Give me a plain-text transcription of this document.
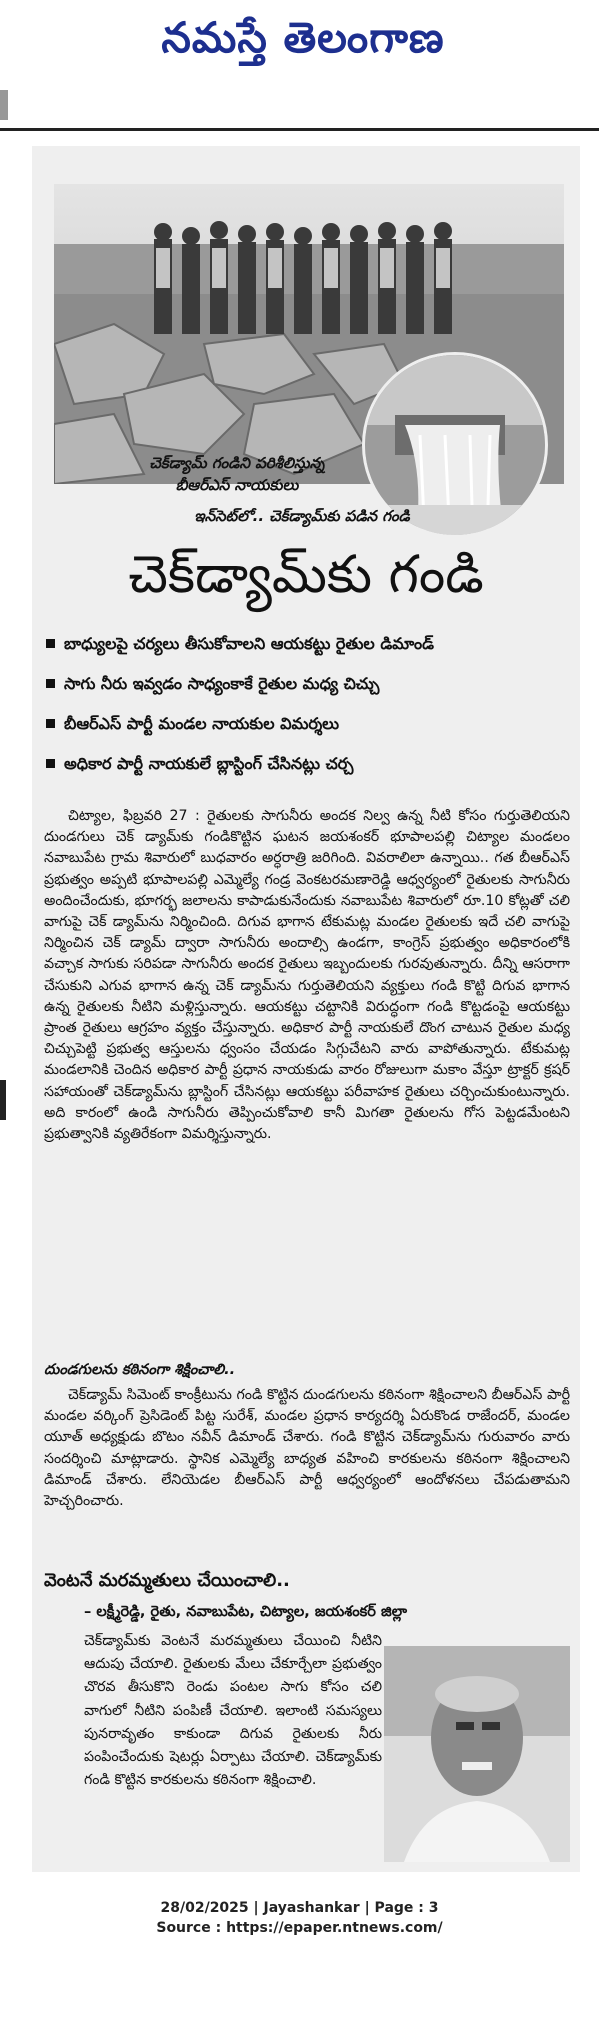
నమస్తే తెలంగాణ
చెక్‌డ్యామ్ గండిని పరిశీలిస్తున్న
బీఆర్ఎస్ నాయకులు
ఇన్‌సెట్‌లో.. చెక్‌డ్యామ్‌కు పడిన గండి
చెక్‌డ్యామ్‌కు గండి
బాధ్యులపై చర్యలు తీసుకోవాలని ఆయకట్టు రైతుల డిమాండ్
సాగు నీరు ఇవ్వడం సాధ్యంకాకే రైతుల మధ్య చిచ్చు
బీఆర్ఎస్ పార్టీ మండల నాయకుల విమర్శలు
అధికార పార్టీ నాయకులే బ్లాస్టింగ్ చేసినట్లు చర్చ

చిట్యాల, ఫిబ్రవరి 27 : రైతులకు సాగునీరు అందక నిల్వ ఉన్న నీటి కోసం గుర్తుతెలియని దుండగులు చెక్ డ్యామ్‌కు గండికొట్టిన ఘటన జయశంకర్ భూపాలపల్లి చిట్యాల మండలం నవాబుపేట గ్రామ శివారులో బుధవారం అర్ధరాత్రి జరిగింది. వివరాలిలా ఉన్నాయి.. గత బీఆర్ఎస్ ప్రభుత్వం అప్పటి భూపాలపల్లి ఎమ్మెల్యే గండ్ర వెంకటరమణారెడ్డి ఆధ్వర్యంలో రైతులకు సాగునీరు అందించేందుకు, భూగర్భ జలాలను కాపాడుకునేందుకు నవాబుపేట శివారులో రూ.10 కోట్లతో చలి వాగుపై చెక్ డ్యామ్‌ను నిర్మించింది. దిగువ భాగాన టేకుమట్ల మండల రైతులకు ఇదే చలి వాగుపై నిర్మించిన చెక్ డ్యామ్ ద్వారా సాగునీరు అందాల్సి ఉండగా, కాంగ్రెస్ ప్రభుత్వం అధికారంలోకి వచ్చాక సాగుకు సరిపడా సాగునీరు అందక రైతులు ఇబ్బందులకు గురవుతున్నారు. దీన్ని ఆసరాగా చేసుకుని ఎగువ భాగాన ఉన్న చెక్ డ్యామ్‌ను గుర్తుతెలియని వ్యక్తులు గండి కొట్టి దిగువ భాగాన ఉన్న రైతులకు నీటిని మళ్లిస్తున్నారు. ఆయకట్టు చట్టానికి విరుద్ధంగా గండి కొట్టడంపై ఆయకట్టు ప్రాంత రైతులు ఆగ్రహం వ్యక్తం చేస్తున్నారు. అధికార పార్టీ నాయకులే దొంగ చాటున రైతుల మధ్య చిచ్చుపెట్టి ప్రభుత్వ ఆస్తులను ధ్వంసం చేయడం సిగ్గుచేటని వారు వాపోతున్నారు. టేకుమట్ల మండలానికి చెందిన అధికార పార్టీ ప్రధాన నాయకుడు వారం రోజులుగా మకాం వేస్తూ ట్రాక్టర్ క్రషర్ సహాయంతో చెక్‌డ్యామ్‌ను బ్లాస్టింగ్ చేసినట్లు ఆయకట్టు పరీవాహక రైతులు చర్చించుకుంటున్నారు. అది కారంలో ఉండి సాగునీరు తెప్పించుకోవాలి కానీ మిగతా రైతులను గోస పెట్టడమేంటని ప్రభుత్వానికి వ్యతిరేకంగా విమర్శిస్తున్నారు.

దుండగులను కఠినంగా శిక్షించాలి..
చెక్‌డ్యామ్ సిమెంట్ కాంక్రీటును గండి కొట్టిన దుండగులను కఠినంగా శిక్షించాలని బీఆర్ఎస్ పార్టీ మండల వర్కింగ్ ప్రెసిడెంట్ పిట్ట సురేశ్, మండల ప్రధాన కార్యదర్శి ఏరుకొండ రాజేందర్, మండల యూత్ అధ్యక్షుడు బొటం నవీన్ డిమాండ్ చేశారు. గండి కొట్టిన చెక్‌డ్యామ్‌ను గురువారం వారు సందర్శించి మాట్లాడారు. స్థానిక ఎమ్మెల్యే బాధ్యత వహించి కారకులను కఠినంగా శిక్షించాలని డిమాండ్ చేశారు. లేనియెడల బీఆర్ఎస్ పార్టీ ఆధ్వర్యంలో ఆందోళనలు చేపడుతామని హెచ్చరించారు.
వెంటనే మరమ్మతులు చేయించాలి..
– లక్ష్మీరెడ్డి, రైతు, నవాబుపేట, చిట్యాల, జయశంకర్ జిల్లా
చెక్‌డ్యామ్‌కు వెంటనే మరమ్మతులు చేయించి నీటిని ఆదుపు చేయాలి. రైతులకు మేలు చేకూర్చేలా ప్రభుత్వం చొరవ తీసుకొని రెండు పంటల సాగు కోసం చలి వాగులో నీటిని పంపిణీ చేయాలి. ఇలాంటి సమస్యలు పునరావృతం కాకుండా దిగువ రైతులకు నీరు పంపించేందుకు షెటర్లు ఏర్పాటు చేయాలి. చెక్‌డ్యామ్‌కు గండి కొట్టిన కారకులను కఠినంగా శిక్షించాలి.
28/02/2025 | Jayashankar | Page : 3
Source : https://epaper.ntnews.com/
